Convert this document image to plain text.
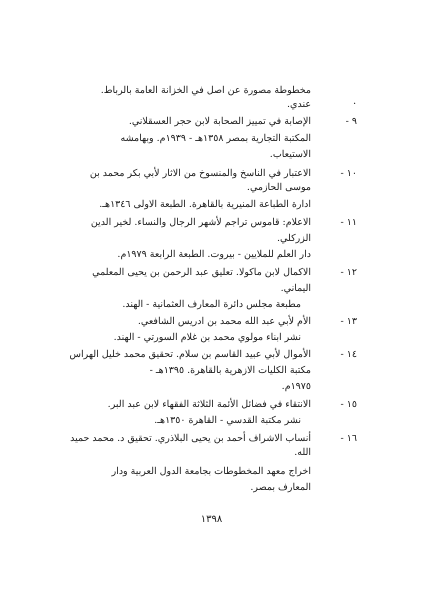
مخطوطة مصورة عن اصل في الخزانة العامة بالرباط.
عندي.	.
٩ -
الإصابة في تمييز الصحابة لابن حجر العسقلاني.
المكتبة التجارية بمصر ١٣٥٨هـ - ١٩٣٩م. وبهامشه
الاستيعاب.
١٠ -
الاعتبار في الناسخ والمنسوخ من الاثار لأبي بكر محمد بن
موسى الحازمي.
ادارة الطباعة المنيرية بالقاهرة. الطبعة الاولى ١٣٤٦هـ.
١١ -
الاعلام: قاموس تراجم لأشهر الرجال والنساء. لخير الدين
الزركلي.
دار العلم للملايين - بيروت. الطبعة الرابعة ١٩٧٩م.
١٢ -
الاكمال لابن ماكولا. تعليق عبد الرحمن بن يحيى المعلمي
اليماني.
مطبعة مجلس دائرة المعارف العثمانية - الهند.
١٣ -
الأم لأبي عبد الله محمد بن ادريس الشافعي.
نشر ابناء مولوي محمد بن غلام السورتي - الهند.
١٤ -
الأموال لأبي عبيد القاسم بن سلام. تحقيق محمد خليل الهراس
مكتبة الكليات الازهرية بالقاهرة. ١٣٩٥هـ -
١٩٧٥م.
١٥ -
الانتقاء في فضائل الأئمة الثلاثة الفقهاء لابن عبد البر.
نشر مكتبة القدسي - القاهرة ١٣٥٠هـ.
١٦ -
أنساب الاشراف أحمد بن يحيى البلاذري. تحقيق د. محمد حميد
الله.
اخراج معهد المخطوطات بجامعة الدول العربية ودار
المعارف بمصر.
١٣٩٨
